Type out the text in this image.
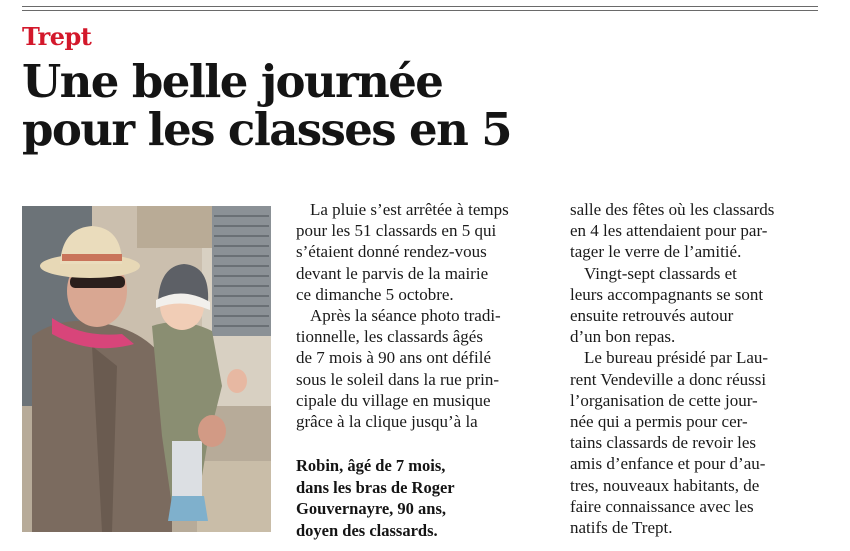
Trept
Une belle journée
pour les classes en 5
Robin, âgé de 7 mois,
dans les bras de Roger
Gouvernayre, 90 ans,
doyen des classards.
La pluie s’est arrêtée à temps
pour les 51 classards en 5 qui
s’étaient donné rendez-vous
devant le parvis de la mairie
ce dimanche 5 octobre.
Après la séance photo tradi-
tionnelle, les classards âgés
de 7 mois à 90 ans ont défilé
sous le soleil dans la rue prin-
cipale du village en musique
grâce à la clique jusqu’à la
salle des fêtes où les classards
en 4 les attendaient pour par-
tager le verre de l’amitié.
Vingt-sept classards et
leurs accompagnants se sont
ensuite retrouvés autour
d’un bon repas.
Le bureau présidé par Lau-
rent Vendeville a donc réussi
l’organisation de cette jour-
née qui a permis pour cer-
tains classards de revoir les
amis d’enfance et pour d’au-
tres, nouveaux habitants, de
faire connaissance avec les
natifs de Trept.
